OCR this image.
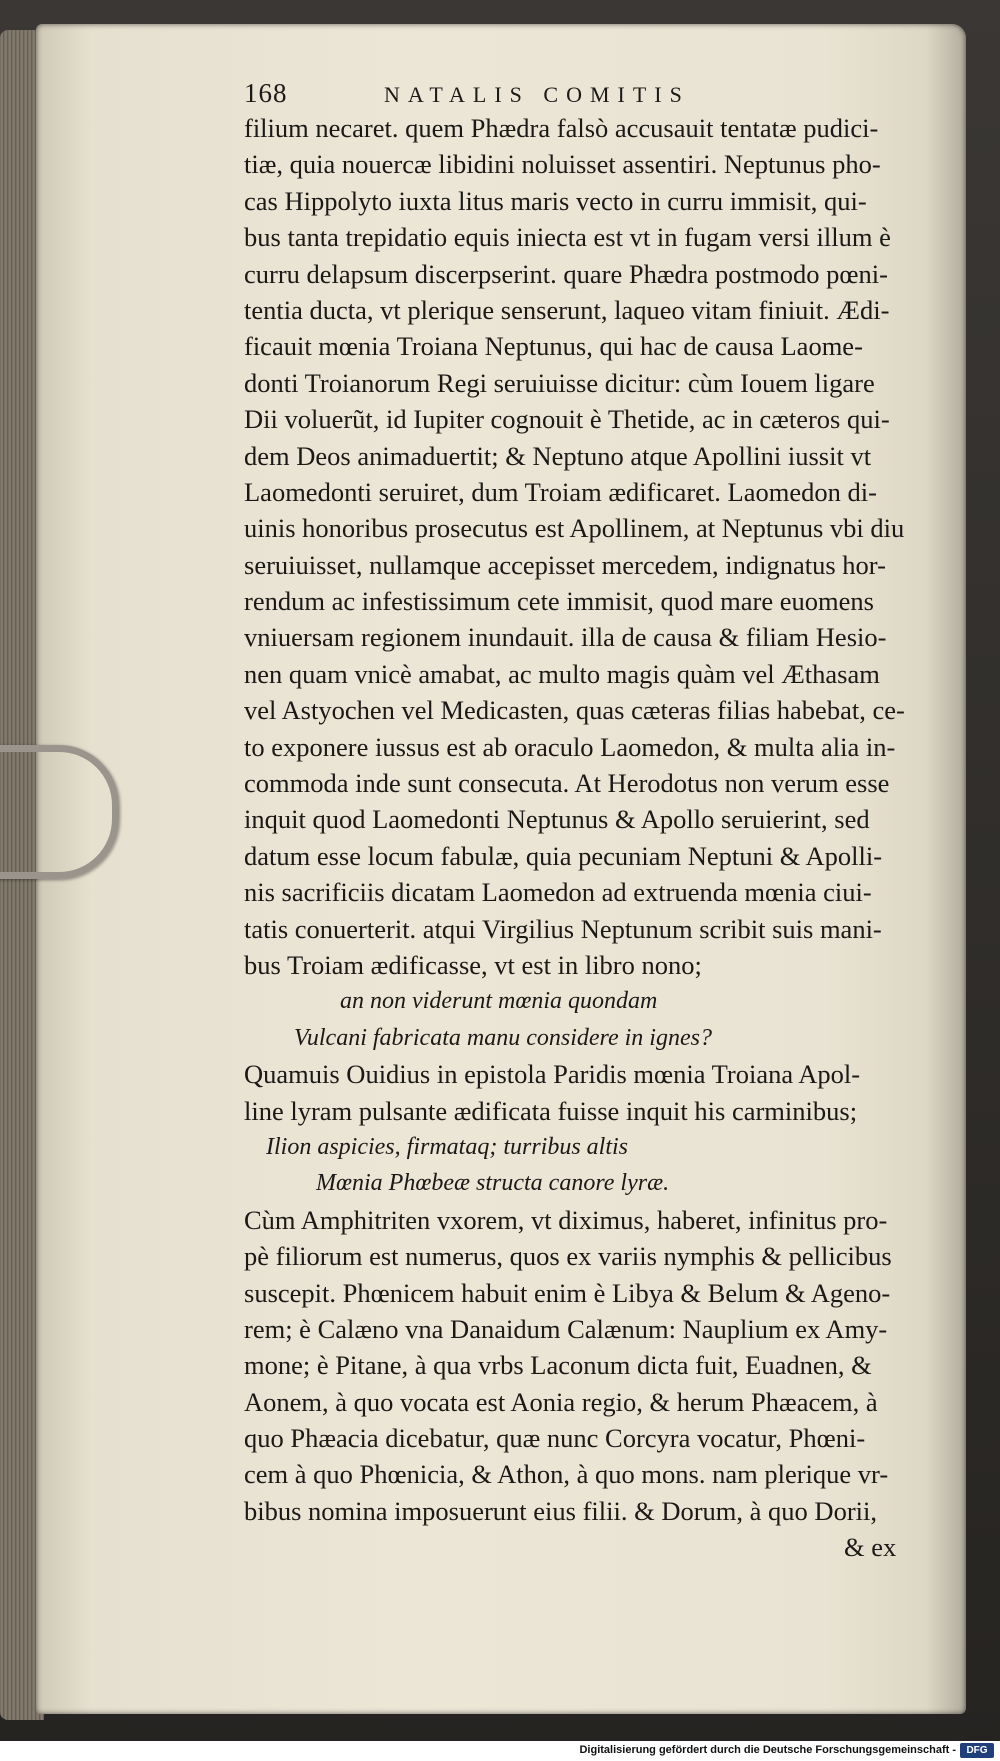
168	NATALIS COMITIS
filium necaret. quem Phædra falsò accusauit tentatæ pudici-
tiæ, quia nouercæ libidini noluisset assentiri. Neptunus pho-
cas Hippolyto iuxta litus maris vecto in curru immisit, qui-
bus tanta trepidatio equis iniecta est vt in fugam versi illum è
curru delapsum discerpserint. quare Phædra postmodo pœni-
tentia ducta, vt plerique senserunt, laqueo vitam finiuit. Ædi-
ficauit mœnia Troiana Neptunus, qui hac de causa Laome-
donti Troianorum Regi seruiuisse dicitur: cùm Iouem ligare
Dii voluerũt, id Iupiter cognouit è Thetide, ac in cæteros qui-
dem Deos animaduertit; & Neptuno atque Apollini iussit vt
Laomedonti seruiret, dum Troiam ædificaret. Laomedon di-
uinis honoribus prosecutus est Apollinem, at Neptunus vbi diu
seruiuisset, nullamque accepisset mercedem, indignatus hor-
rendum ac infestissimum cete immisit, quod mare euomens
vniuersam regionem inundauit. illa de causa & filiam Hesio-
nen quam vnicè amabat, ac multo magis quàm vel Æthasam
vel Astyochen vel Medicasten, quas cæteras filias habebat, ce-
to exponere iussus est ab oraculo Laomedon, & multa alia in-
commoda inde sunt consecuta. At Herodotus non verum esse
inquit quod Laomedonti Neptunus & Apollo seruierint, sed
datum esse locum fabulæ, quia pecuniam Neptuni & Apolli-
nis sacrificiis dicatam Laomedon ad extruenda mœnia ciui-
tatis conuerterit. atqui Virgilius Neptunum scribit suis mani-
bus Troiam ædificasse, vt est in libro nono;
an non viderunt mœnia quondam
Vulcani fabricata manu considere in ignes?
Quamuis Ouidius in epistola Paridis mœnia Troiana Apol-
line lyram pulsante ædificata fuisse inquit his carminibus;
Ilion aspicies, firmataq; turribus altis
Mœnia Phœbeæ structa canore lyræ.
Cùm Amphitriten vxorem, vt diximus, haberet, infinitus pro-
pè filiorum est numerus, quos ex variis nymphis & pellicibus
suscepit. Phœnicem habuit enim è Libya & Belum & Ageno-
rem; è Calæno vna Danaidum Calænum: Nauplium ex Amy-
mone; è Pitane, à qua vrbs Laconum dicta fuit, Euadnen, &
Aonem, à quo vocata est Aonia regio, & herum Phæacem, à
quo Phæacia dicebatur, quæ nunc Corcyra vocatur, Phœni-
cem à quo Phœnicia, & Athon, à quo mons. nam plerique vr-
bibus nomina imposuerunt eius filii. & Dorum, à quo Dorii,
& ex
Digitalisierung gefördert durch die Deutsche Forschungsgemeinschaft -	DFG
